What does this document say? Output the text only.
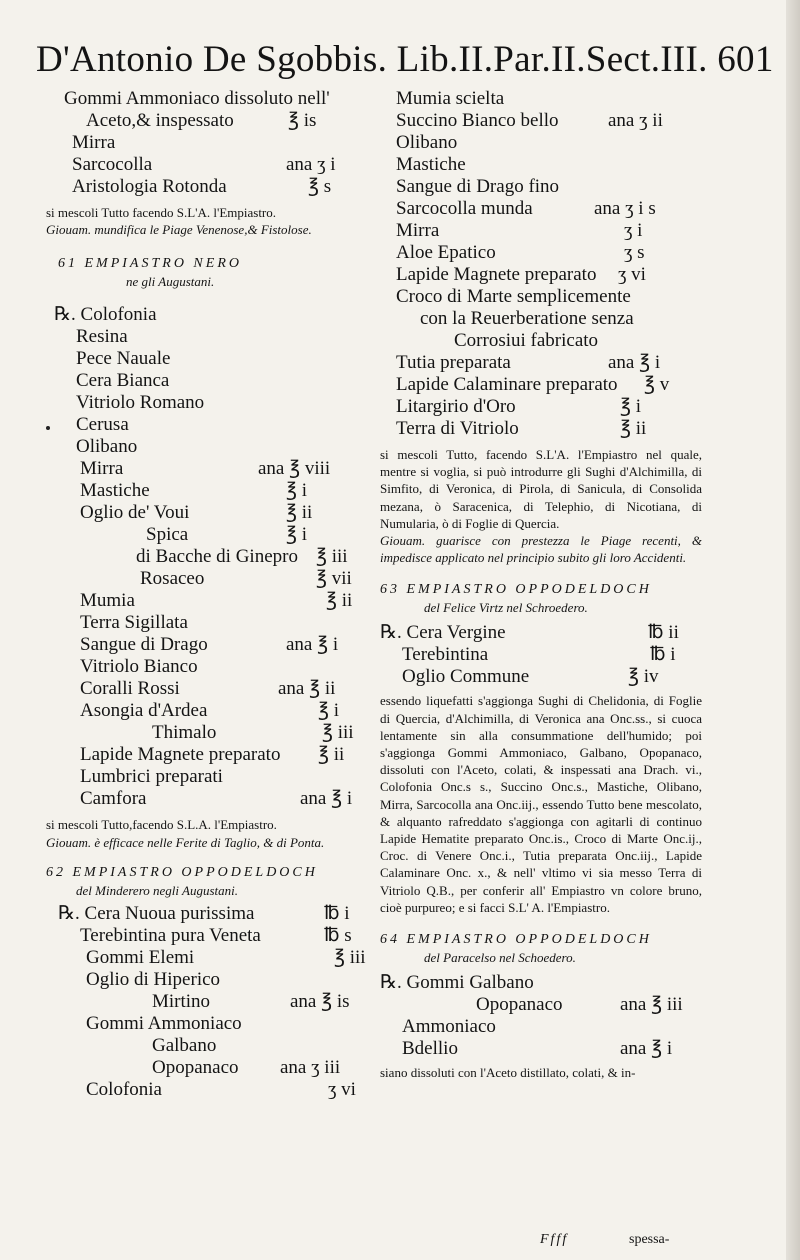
D'Antonio De Sgobbis. Lib.II.Par.II.Sect.III. 601
Gommi Ammoniaco dissoluto nell'
Aceto,& inspessato	℥ is
Mirra
Sarcocolla	ana ʒ i
Aristologia Rotonda	℥ s
si mescoli Tutto facendo S.L'A. l'Empiastro.
Giouam. mundifica le Piage Venenose,& Fistolose.
61 EMPIASTRO NERO
ne gli Augustani.
℞. Colofonia
Resina
Pece Nauale
Cera Bianca
Vitriolo Romano
Cerusa
Olibano
Mirra	ana ℥ viii
Mastiche	℥ i
Oglio de' Voui	℥ ii
Spica	℥ i
di Bacche di Ginepro ℥ iii
Rosaceo	℥ vii
Mumia	℥ ii
Terra Sigillata
Sangue di Drago	ana ℥ i
Vitriolo Bianco
Coralli Rossi	ana ℥ ii
Asongia d'Ardea	℥ i
Thimalo	℥ iii
Lapide Magnete preparato ℥ ii
Lumbrici preparati
Camfora	ana ℥ i
si mescoli Tutto,facendo S.L.A. l'Empiastro.
Giouam. è efficace nelle Ferite di Taglio, & di Ponta.
62 EMPIASTRO OPPODELDOCH
del Minderero negli Augustani.
℞. Cera Nuoua purissima	℔ i
Terebintina pura Veneta	℔ s
Gommi Elemi	℥ iii
Oglio di Hiperico
Mirtino	ana ℥ is
Gommi Ammoniaco
Galbano
Opopanaco ana ʒ iii
Colofonia	ʒ vi
Mumia scielta
Succino Bianco bello	ana ʒ ii
Olibano
Mastiche
Sangue di Drago fino
Sarcocolla munda	ana ʒ i s
Mirra	ʒ i
Aloe Epatico	ʒ s
Lapide Magnete preparato ʒ vi
Croco di Marte semplicemente
con la Reuerberatione senza
Corrosiui fabricato
Tutia preparata	ana ℥ i
Lapide Calaminare preparato ℥ v
Litargirio d'Oro	℥ i
Terra di Vitriolo	℥ ii
si mescoli Tutto, facendo S.L'A. l'Empiastro nel quale, mentre si voglia, si può introdurre gli Sughi d'Alchimilla, di Simfito, di Veronica, di Pirola, di Sanicula, di Consolida mezana, ò Saracenica, di Telephio, di Nicotiana, di Numularia, ò di Foglie di Quercia.
Giouam. guarisce con prestezza le Piage recenti, & impedisce applicato nel principio subito gli loro Accidenti.
63 EMPIASTRO OPPODELDOCH
del Felice Virtz nel Schroedero.
℞. Cera Vergine	℔ ii
Terebintina	℔ i
Oglio Commune	℥ iv
essendo liquefatti s'aggionga Sughi di Chelidonia, di Foglie di Quercia, d'Alchimilla, di Veronica ana Onc.ss., si cuoca lentamente sin alla consummatione dell'humido; poi s'aggionga Gommi Ammoniaco, Galbano, Opopanaco, dissoluti con l'Aceto, colati, & inspessati ana Drach. vi., Colofonia Onc.s s., Succino Onc.s., Mastiche, Olibano, Mirra, Sarcocolla ana Onc.iij., essendo Tutto bene mescolato, & alquanto rafreddato s'aggionga con agitarli di continuo Lapide Hematite preparato Onc.is., Croco di Marte Onc.ij., Croc. di Venere Onc.i., Tutia preparata Onc.iij., Lapide Calaminare Onc. x., & nell' vltimo vi sia messo Terra di Vitriolo Q.B., per conferir all' Empiastro vn colore bruno, cioè purpureo; e si facci S.L' A. l'Empiastro.
64 EMPIASTRO OPPODELDOCH
del Paracelso nel Schoedero.
℞. Gommi Galbano
Opopanaco	ana ℥ iii
Ammoniaco
Bdellio	ana ℥ i
siano dissoluti con l'Aceto distillato, colati, & in-
Ffff	spessa-
